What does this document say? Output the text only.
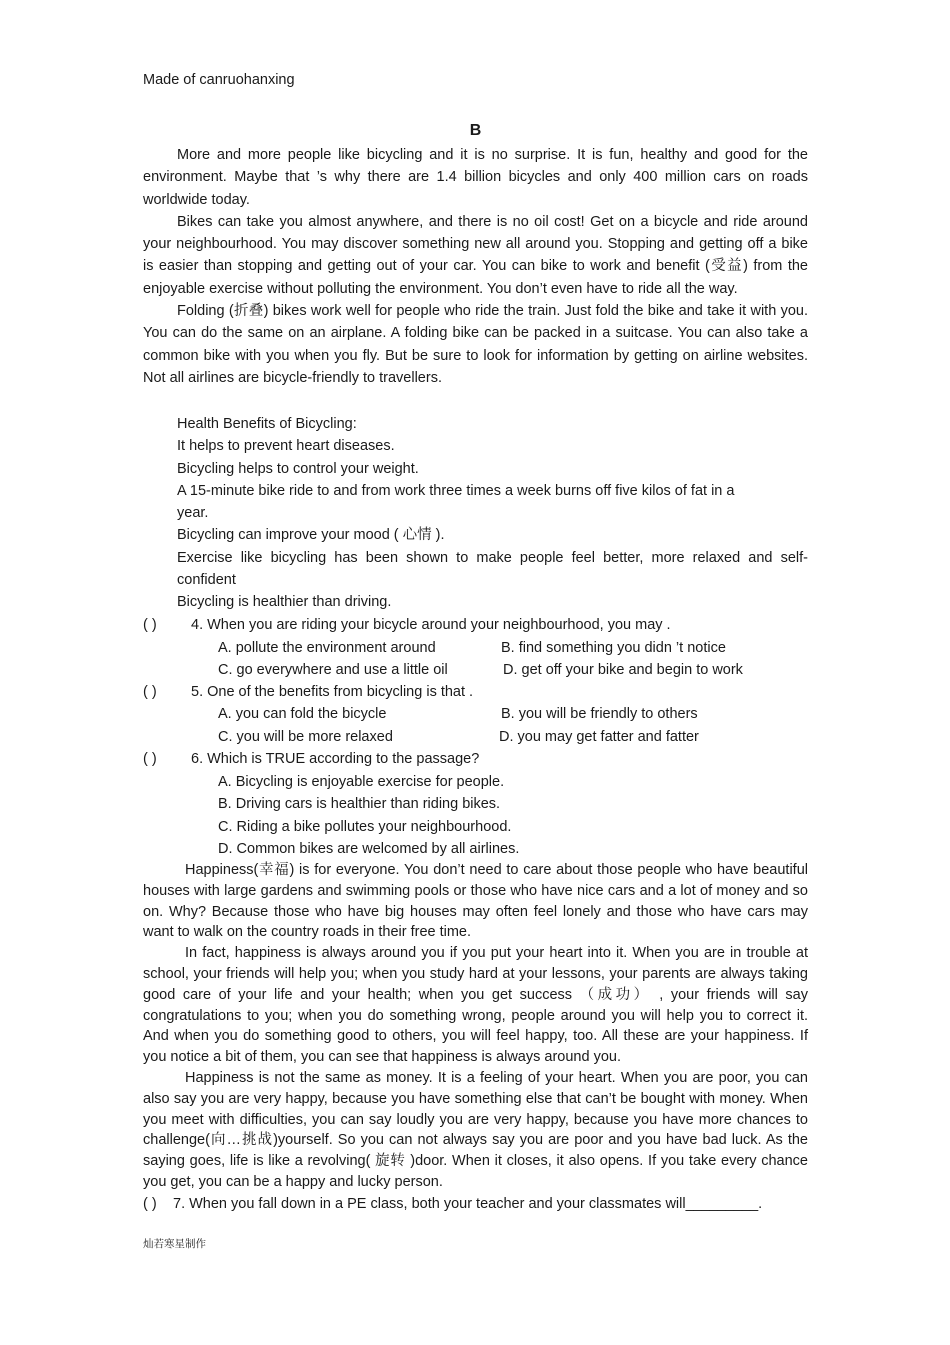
Made of canruohanxing
B

More and more people like bicycling and it is no surprise. It is fun, healthy and good for the environment. Maybe that ’s why there are 1.4 billion bicycles and only 400 million cars on roads worldwide today.

Bikes can take you almost anywhere, and there is no oil cost! Get on a bicycle and ride around your neighbourhood. You may discover something new all around you. Stopping and getting off a bike is easier than stopping and getting out of your car. You can bike to work and benefit (受益) from the enjoyable exercise without polluting the environment. You don’t even have to ride all the way.

Folding (折叠) bikes work well for people who ride the train. Just fold the bike and take it with you. You can do the same on an airplane. A folding bike can be packed in a suitcase. You can also take a common bike with you when you fly. But be sure to look for information by getting on airline websites. Not all airlines are bicycle-friendly to travellers.

Health Benefits of Bicycling:
It helps to prevent heart diseases.
Bicycling helps to control your weight.
A 15-minute bike ride to and from work three times a week burns off five kilos of fat in a year.
Bicycling can improve your mood ( 心情 ).
Exercise like bicycling has been shown to make people feel better, more relaxed and self-confident
Bicycling is healthier than driving.
( ) 4. When you are riding your bicycle around your neighbourhood, you may .
A. pollute the environment around	B. find something you didn ’t notice
C. go everywhere and use a little oil	D. get off your bike and begin to work
( ) 5. One of the benefits from bicycling is that .
A. you can fold the bicycle	B. you will be friendly to others
C. you will be more relaxed	D. you may get fatter and fatter
( ) 6. Which is TRUE according to the passage?
A. Bicycling is enjoyable exercise for people.
B. Driving cars is healthier than riding bikes.
C. Riding a bike pollutes your neighbourhood.
D. Common bikes are welcomed by all airlines.

Happiness(幸福) is for everyone. You don’t need to care about those people who have beautiful houses with large gardens and swimming pools or those who have nice cars and a lot of money and so on. Why? Because those who have big houses may often feel lonely and those who have cars may want to walk on the country roads in their free time.

In fact, happiness is always around you if you put your heart into it. When you are in trouble at school, your friends will help you; when you study hard at your lessons, your parents are always taking good care of your life and your health; when you get success （成功） , your friends will say congratulations to you; when you do something wrong, people around you will help you to correct it. And when you do something good to others, you will feel happy, too. All these are your happiness. If you notice a bit of them, you can see that happiness is always around you.

Happiness is not the same as money. It is a feeling of your heart. When you are poor, you can also say you are very happy, because you have something else that can’t be bought with money. When you meet with difficulties, you can say loudly you are very happy, because you have more chances to challenge(向…挑战)yourself. So you can not always say you are poor and you have bad luck. As the saying goes, life is like a revolving( 旋转 )door. When it closes, it also opens. If you take every chance you get, you can be a happy and lucky person.

( ) 7. When you fall down in a PE class, both your teacher and your classmates will_________.
灿若寒星制作
